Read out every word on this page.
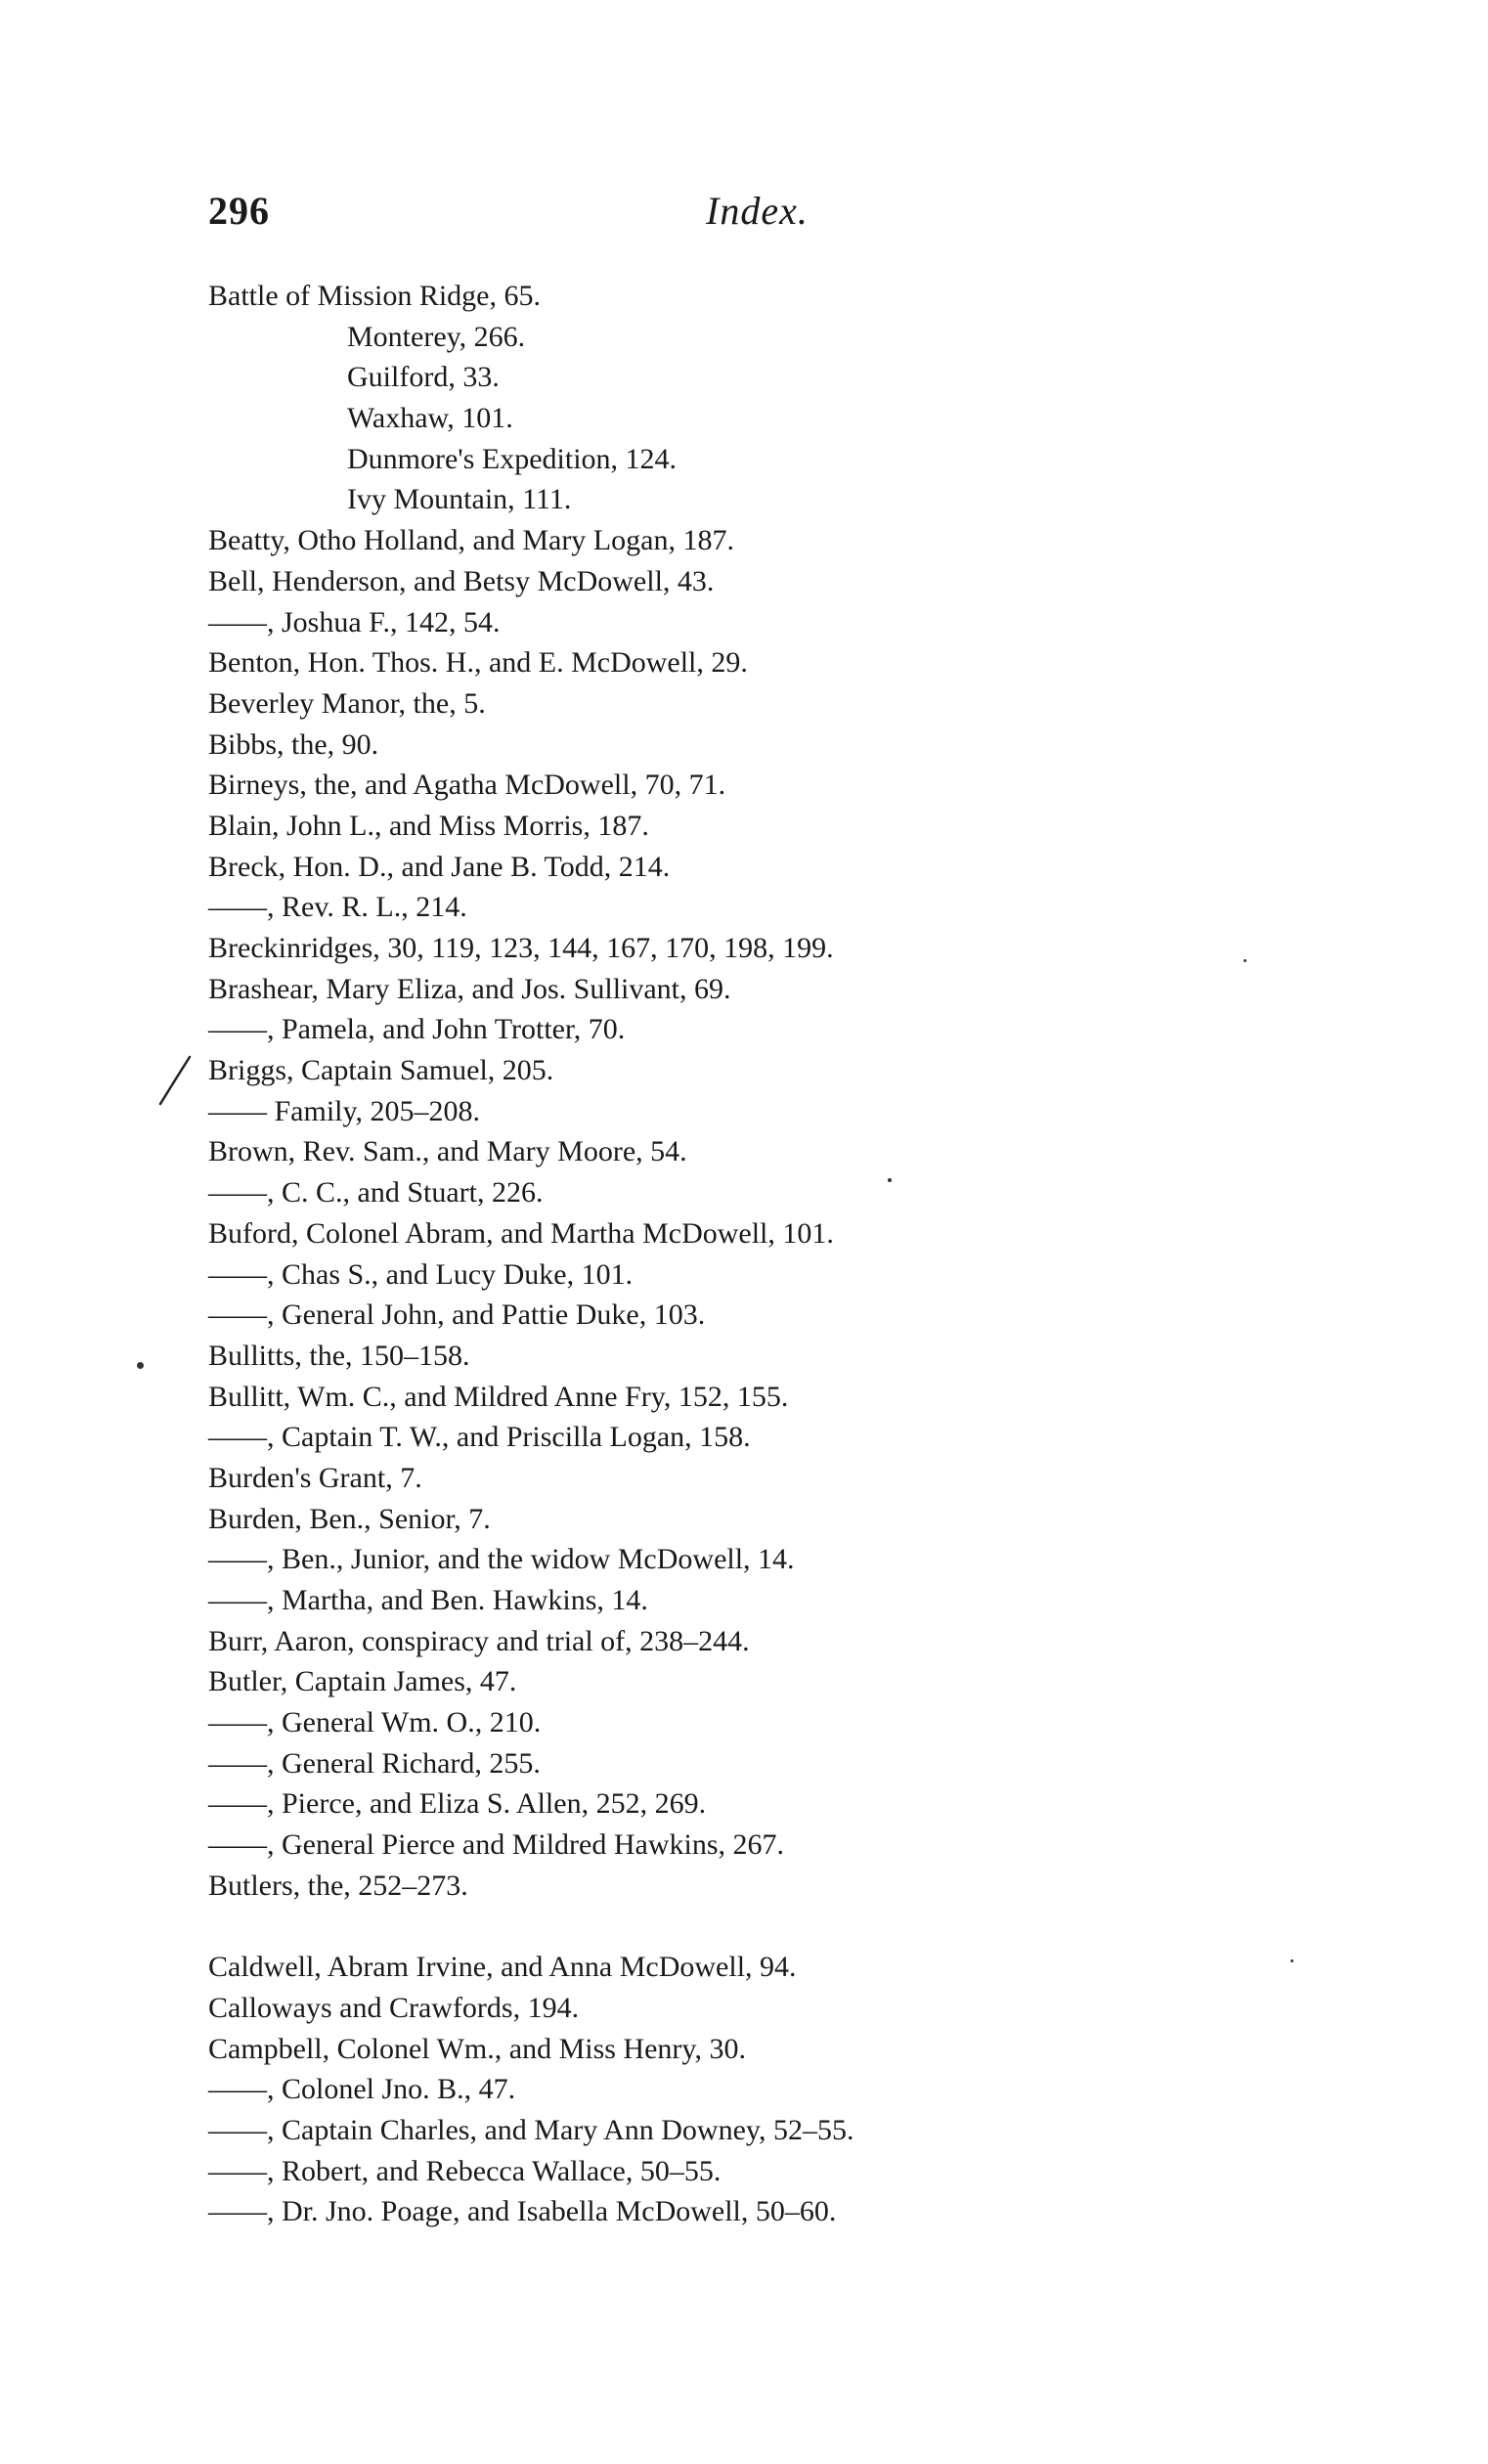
296	Index.
Battle of Mission Ridge, 65.
Monterey, 266.
Guilford, 33.
Waxhaw, 101.
Dunmore's Expedition, 124.
Ivy Mountain, 111.
Beatty, Otho Holland, and Mary Logan, 187.
Bell, Henderson, and Betsy McDowell, 43.
——, Joshua F., 142, 54.
Benton, Hon. Thos. H., and E. McDowell, 29.
Beverley Manor, the, 5.
Bibbs, the, 90.
Birneys, the, and Agatha McDowell, 70, 71.
Blain, John L., and Miss Morris, 187.
Breck, Hon. D., and Jane B. Todd, 214.
——, Rev. R. L., 214.
Breckinridges, 30, 119, 123, 144, 167, 170, 198, 199.
Brashear, Mary Eliza, and Jos. Sullivant, 69.
——, Pamela, and John Trotter, 70.
Briggs, Captain Samuel, 205.
—— Family, 205–208.
Brown, Rev. Sam., and Mary Moore, 54.
——, C. C., and Stuart, 226.
Buford, Colonel Abram, and Martha McDowell, 101.
——, Chas S., and Lucy Duke, 101.
——, General John, and Pattie Duke, 103.
Bullitts, the, 150–158.
Bullitt, Wm. C., and Mildred Anne Fry, 152, 155.
——, Captain T. W., and Priscilla Logan, 158.
Burden's Grant, 7.
Burden, Ben., Senior, 7.
——, Ben., Junior, and the widow McDowell, 14.
——, Martha, and Ben. Hawkins, 14.
Burr, Aaron, conspiracy and trial of, 238–244.
Butler, Captain James, 47.
——, General Wm. O., 210.
——, General Richard, 255.
——, Pierce, and Eliza S. Allen, 252, 269.
——, General Pierce and Mildred Hawkins, 267.
Butlers, the, 252–273.
Caldwell, Abram Irvine, and Anna McDowell, 94.
Calloways and Crawfords, 194.
Campbell, Colonel Wm., and Miss Henry, 30.
——, Colonel Jno. B., 47.
——, Captain Charles, and Mary Ann Downey, 52–55.
——, Robert, and Rebecca Wallace, 50–55.
——, Dr. Jno. Poage, and Isabella McDowell, 50–60.
